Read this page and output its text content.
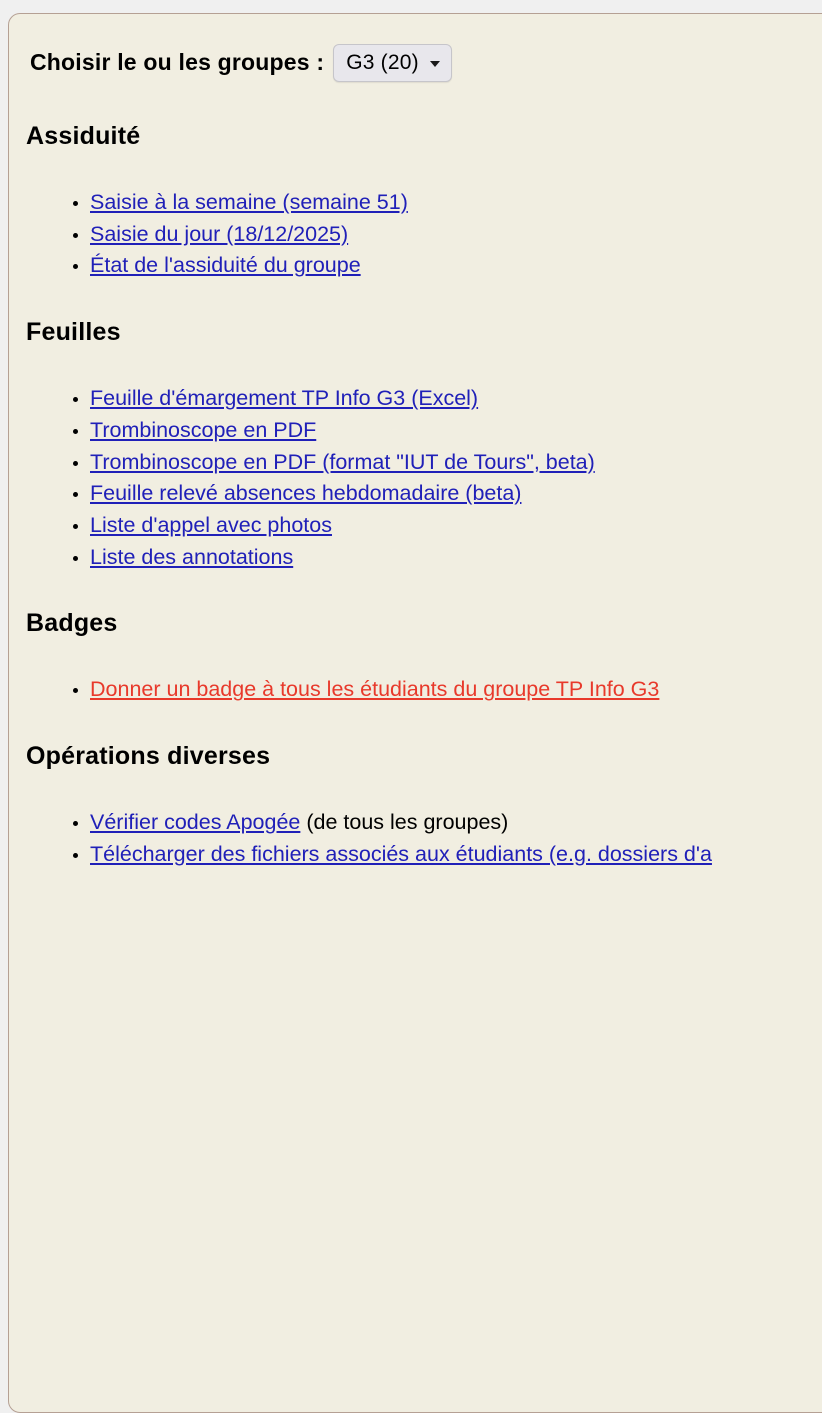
Choisir le ou les groupes : G3 (20)
Assiduité
• Saisie à la semaine (semaine 51)
• Saisie du jour (18/12/2025)
• État de l'assiduité du groupe
Feuilles
• Feuille d'émargement TP Info G3 (Excel)
• Trombinoscope en PDF
• Trombinoscope en PDF (format "IUT de Tours", beta)
• Feuille relevé absences hebdomadaire (beta)
• Liste d'appel avec photos
• Liste des annotations
Badges
• Donner un badge à tous les étudiants du groupe TP Info G3
Opérations diverses
• Vérifier codes Apogée (de tous les groupes)
• Télécharger des fichiers associés aux étudiants (e.g. dossiers d'a
